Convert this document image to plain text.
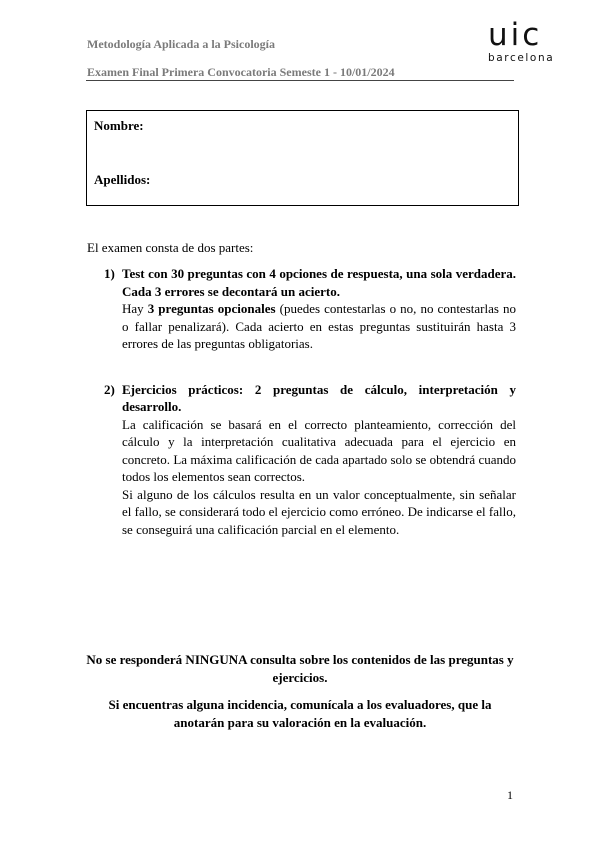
Metodología Aplicada a la Psicología
Examen Final Primera Convocatoria Semeste 1 - 10/01/2024
uic
barcelona
Nombre:
Apellidos:
El examen consta de dos partes:
1) Test con 30 preguntas con 4 opciones de respuesta, una sola verdadera. Cada 3 errores se decontará un acierto.
Hay 3 preguntas opcionales (puedes contestarlas o no, no contestarlas no o fallar penalizará). Cada acierto en estas preguntas sustituirán hasta 3 errores de las preguntas obligatorias.
2) Ejercicios prácticos: 2 preguntas de cálculo, interpretación y desarrollo.
La calificación se basará en el correcto planteamiento, corrección del cálculo y la interpretación cualitativa adecuada para el ejercicio en concreto. La máxima calificación de cada apartado solo se obtendrá cuando todos los elementos sean correctos.
Si alguno de los cálculos resulta en un valor conceptualmente, sin señalar el fallo, se considerará todo el ejercicio como erróneo. De indicarse el fallo, se conseguirá una calificación parcial en el elemento.
No se responderá NINGUNA consulta sobre los contenidos de las preguntas y ejercicios.
Si encuentras alguna incidencia, comunícala a los evaluadores, que la anotarán para su valoración en la evaluación.
1
